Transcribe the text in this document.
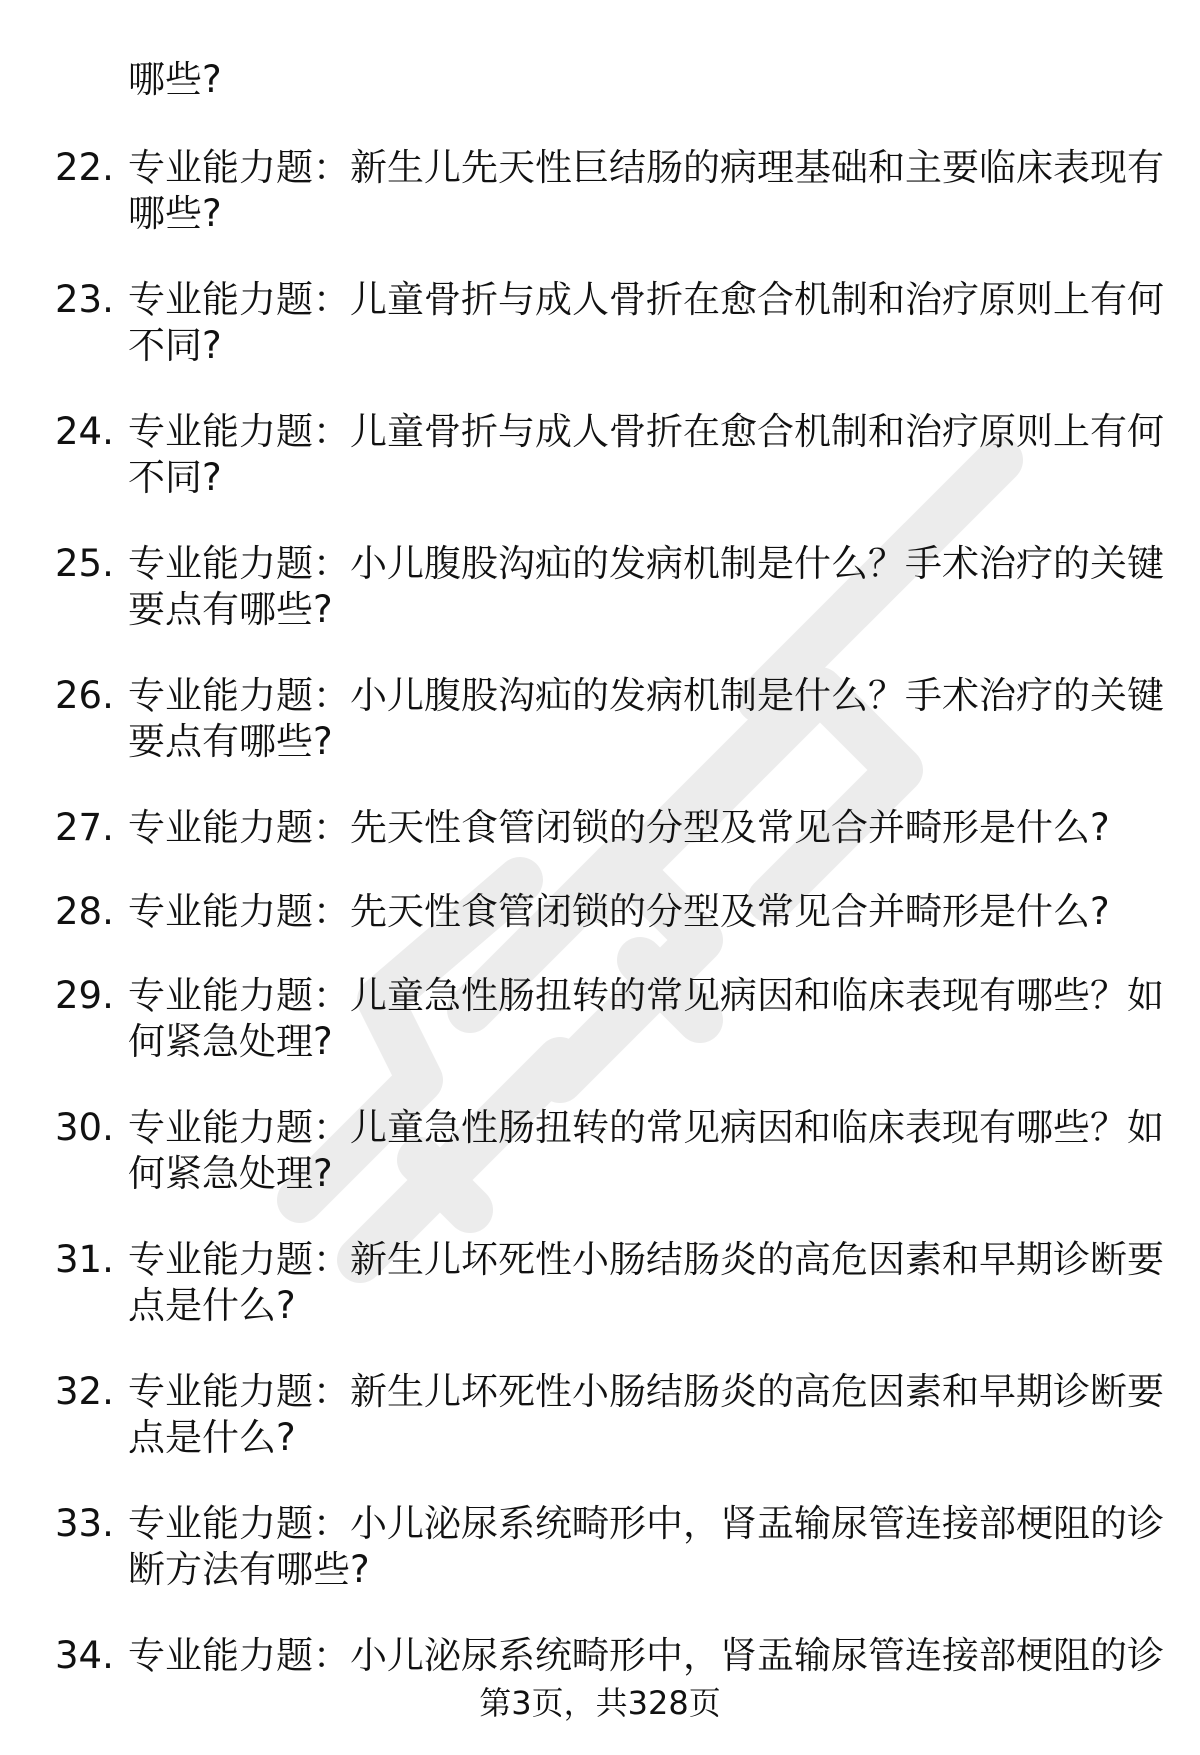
哪些?
22. 专业能力题：新生儿先天性巨结肠的病理基础和主要临床表现有
哪些?
23. 专业能力题：儿童骨折与成人骨折在愈合机制和治疗原则上有何
不同?
24. 专业能力题：儿童骨折与成人骨折在愈合机制和治疗原则上有何
不同?
25. 专业能力题：小儿腹股沟疝的发病机制是什么？手术治疗的关键
要点有哪些?
26. 专业能力题：小儿腹股沟疝的发病机制是什么？手术治疗的关键
要点有哪些?
27. 专业能力题：先天性食管闭锁的分型及常见合并畸形是什么?
28. 专业能力题：先天性食管闭锁的分型及常见合并畸形是什么?
29. 专业能力题：儿童急性肠扭转的常见病因和临床表现有哪些？如
何紧急处理?
30. 专业能力题：儿童急性肠扭转的常见病因和临床表现有哪些？如
何紧急处理?
31. 专业能力题：新生儿坏死性小肠结肠炎的高危因素和早期诊断要
点是什么?
32. 专业能力题：新生儿坏死性小肠结肠炎的高危因素和早期诊断要
点是什么?
33. 专业能力题：小儿泌尿系统畸形中，肾盂输尿管连接部梗阻的诊
断方法有哪些?
34. 专业能力题：小儿泌尿系统畸形中，肾盂输尿管连接部梗阻的诊
第3页，共328页
